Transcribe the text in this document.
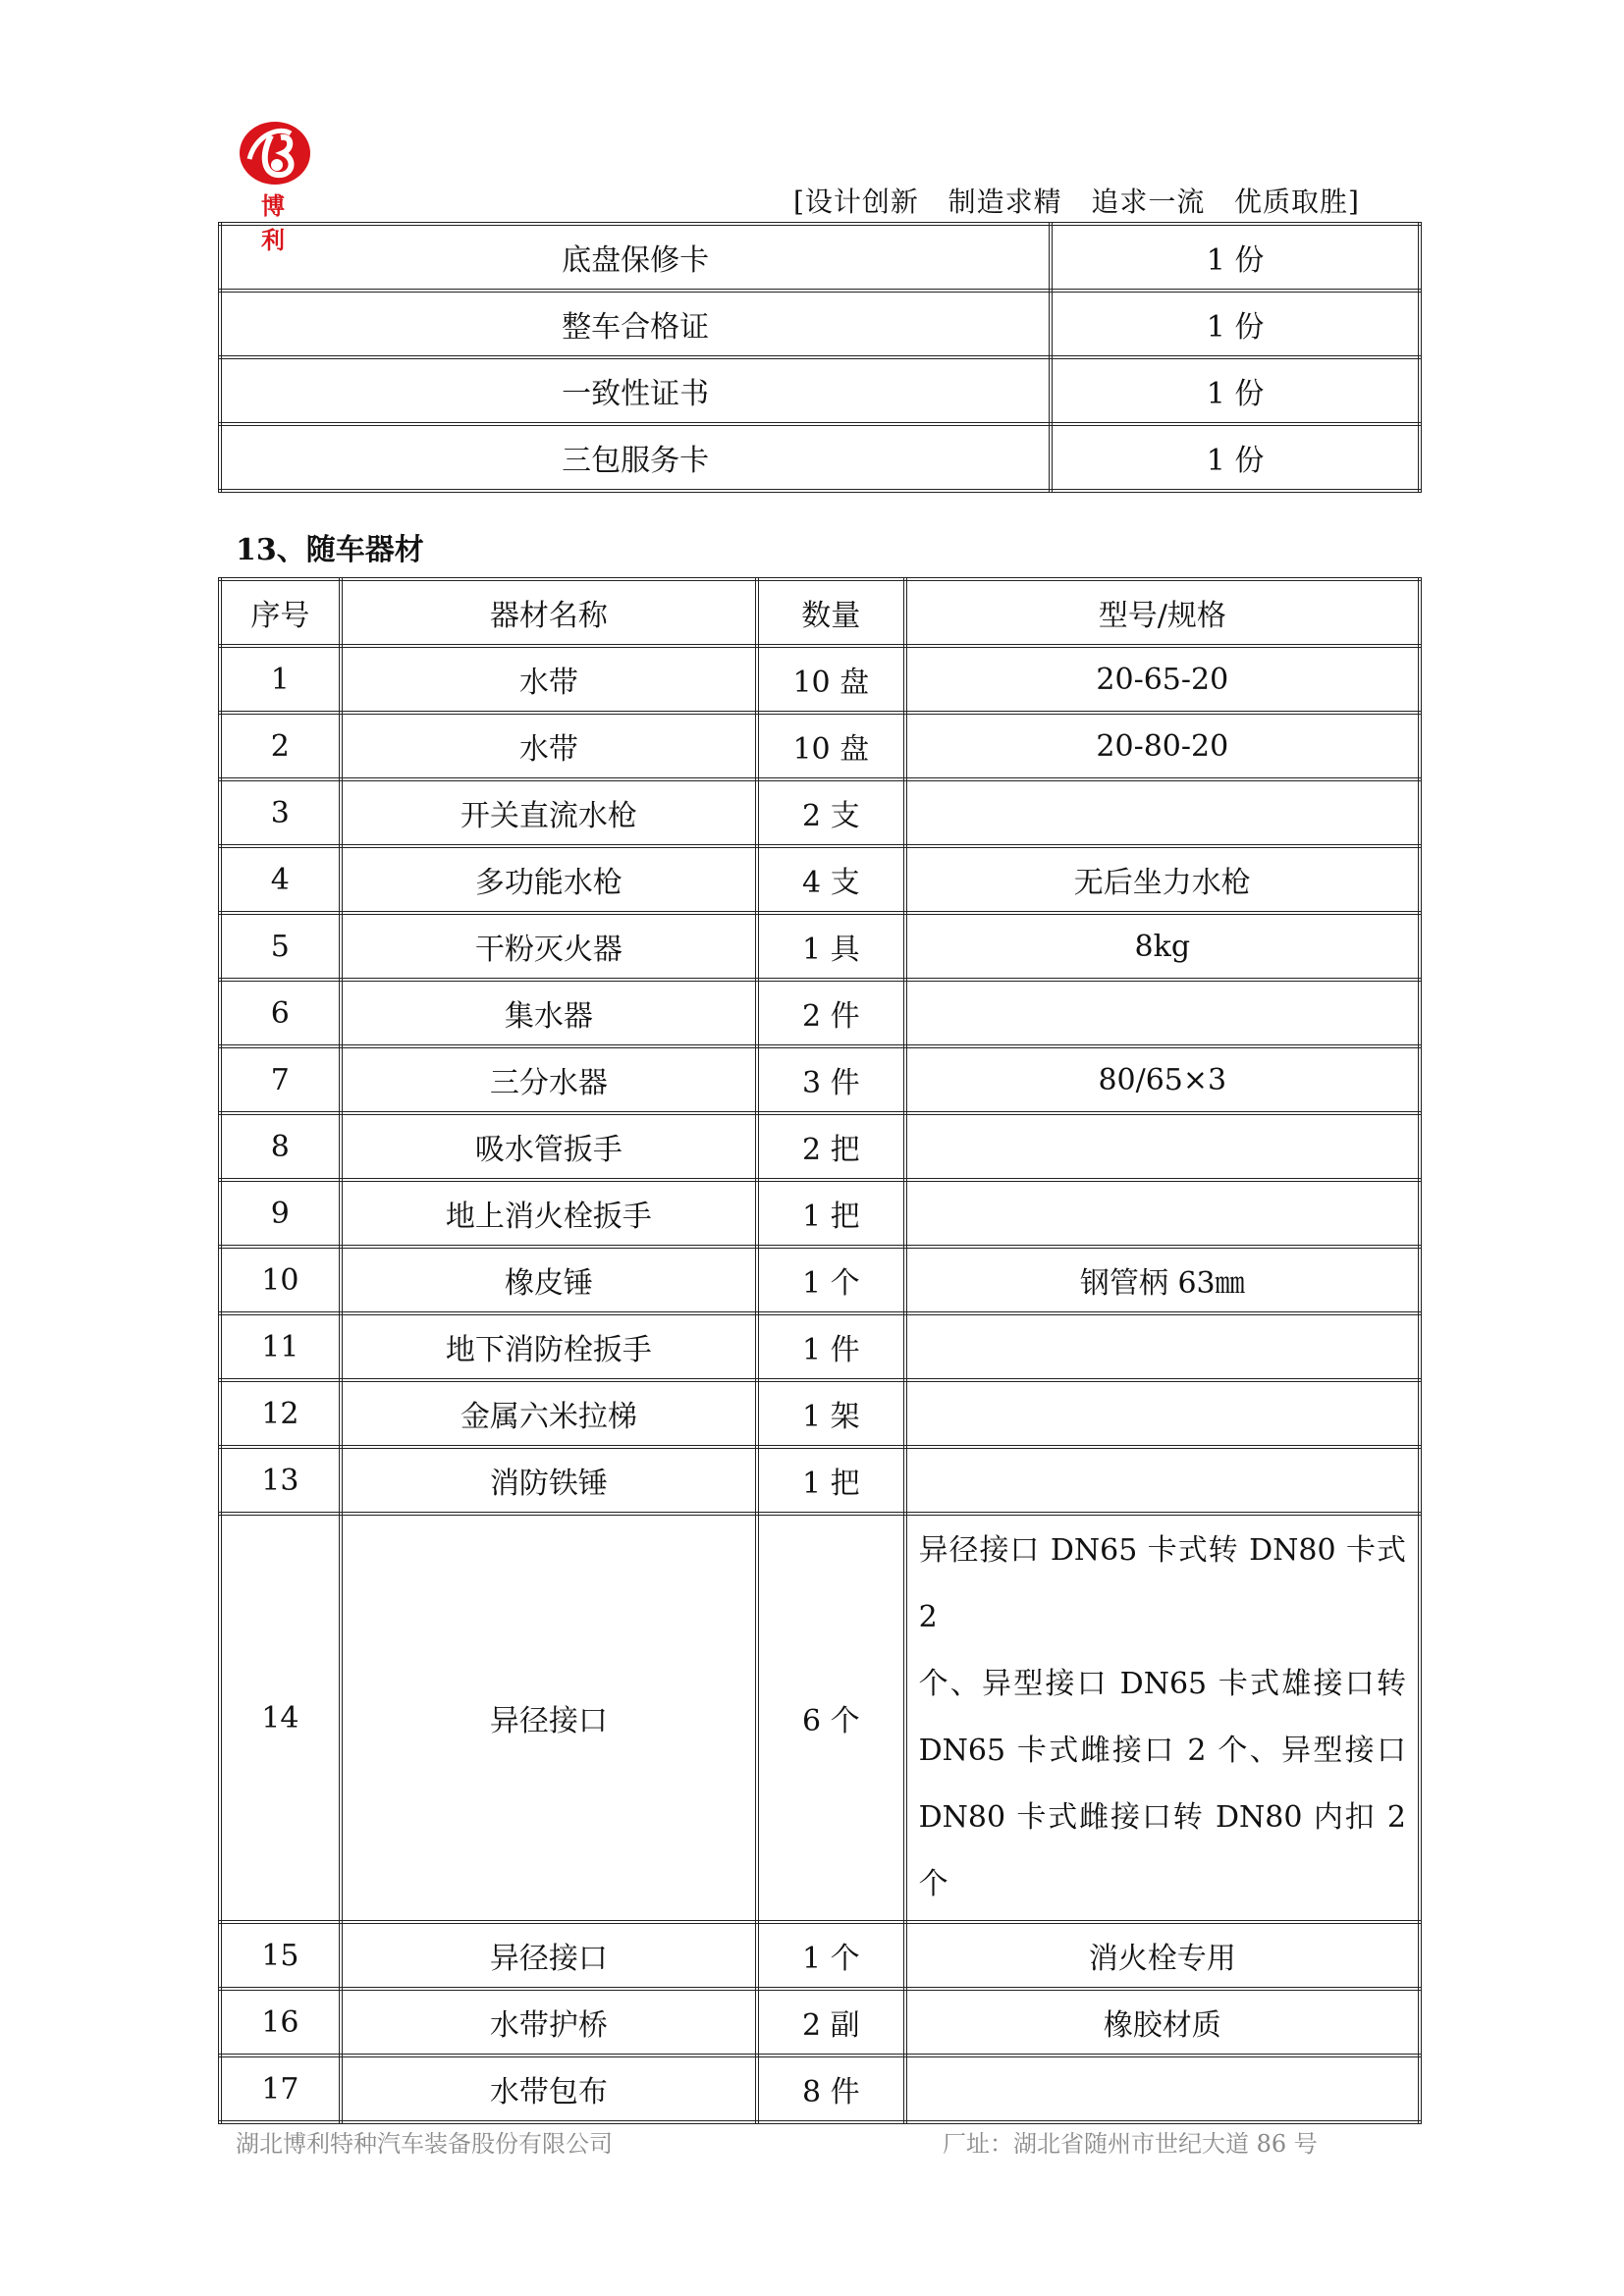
博 利
[设计创新   制造求精   追求一流   优质取胜]
底盘保修卡	1 份
整车合格证	1 份
一致性证书	1 份
三包服务卡	1 份
13、随车器材
序号	器材名称	数量	型号/规格
1	水带	10 盘	20-65-20
2	水带	10 盘	20-80-20
3	开关直流水枪	2 支	
4	多功能水枪	4 支	无后坐力水枪
5	干粉灭火器	1 具	8kg
6	集水器	2 件	
7	三分水器	3 件	80/65×3
8	吸水管扳手	2 把	
9	地上消火栓扳手	1 把	
10	橡皮锤	1 个	钢管柄 63㎜
11	地下消防栓扳手	1 件	
12	金属六米拉梯	1 架	
13	消防铁锤	1 把	
14	异径接口	6 个	异径接口 DN65 卡式转 DN80 卡式 2
个、异型接口 DN65 卡式雄接口转
DN65 卡式雌接口 2 个、异型接口
DN80 卡式雌接口转 DN80 内扣 2 个

15	异径接口	1 个	消火栓专用
16	水带护桥	2 副	橡胶材质
17	水带包布	8 件	
湖北博利特种汽车装备股份有限公司	厂址：湖北省随州市世纪大道 86 号
